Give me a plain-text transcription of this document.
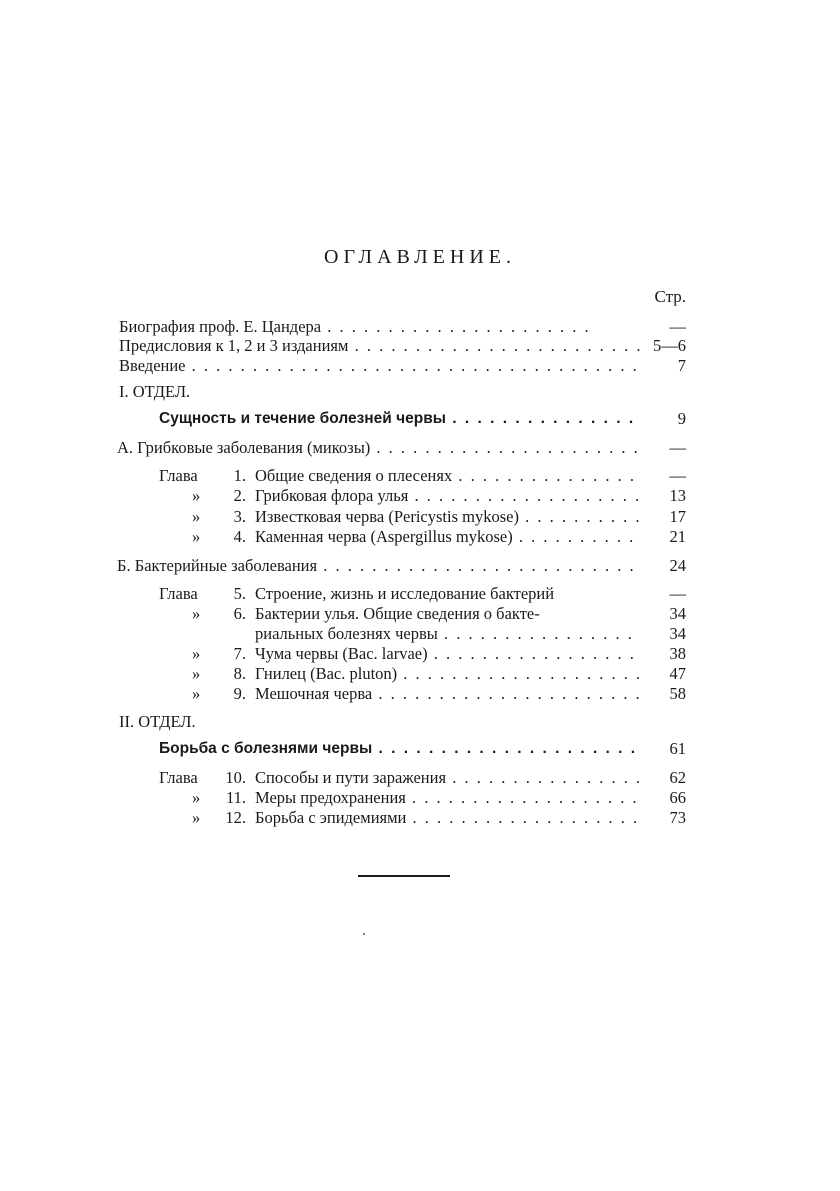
ОГЛАВЛЕНИЕ.
Стр.
Биография проф. Е. Цандера . . .	—
Предисловия к 1, 2 и 3 изданиям . . .	5—6
Введение . . .	7
I. ОТДЕЛ.
Сущность и течение болезней червы . . .	9
А. Грибковые заболевания (микозы) . . .	—
Глава	1. Общие сведения о плесенях . . .	—
»	2. Грибковая флора улья . . .	13
»	3. Известковая черва (Pericystis mykose) . . .	17
»	4. Каменная черва (Aspergillus mykose) . . .	21
Б. Бактерийные заболевания . . .	24
Глава	5. Строение, жизнь и исследование бактерий	—
»	6. Бактерии улья. Общие сведения о бакте-	34
риальных болезнях червы . . .	34
»	7. Чума червы (Bac. larvae) . . .	38
»	8. Гнилец (Bac. pluton) . . .	47
»	9. Мешочная черва . . .	58
II. ОТДЕЛ.
Борьба с болезнями червы . . .	61
Глава	10. Способы и пути заражения . . .	62
»	11. Меры предохранения . . .	66
»	12. Борьба с эпидемиями . . .	73
